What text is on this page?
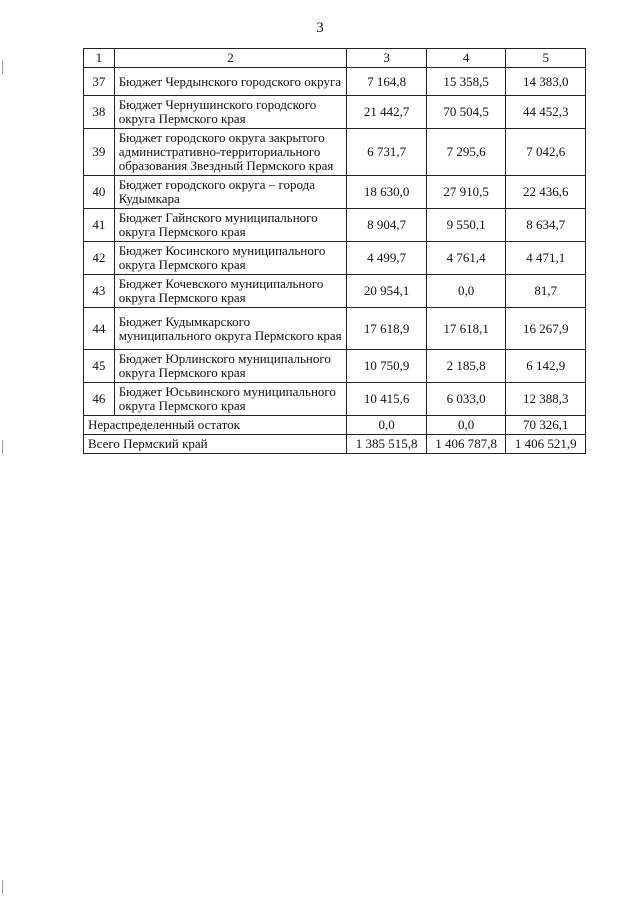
3
1	2	3	4	5
37	Бюджет Чердынского городского округа	7 164,8	15 358,5	14 383,0
38	Бюджет Чернушинского городского округа Пермского края	21 442,7	70 504,5	44 452,3
39	Бюджет городского округа закрытого административно-территориального образования Звездный Пермского края	6 731,7	7 295,6	7 042,6
40	Бюджет городского округа – города Кудымкара	18 630,0	27 910,5	22 436,6
41	Бюджет Гайнского муниципального округа Пермского края	8 904,7	9 550,1	8 634,7
42	Бюджет Косинского муниципального округа Пермского края	4 499,7	4 761,4	4 471,1
43	Бюджет Кочевского муниципального округа Пермского края	20 954,1	0,0	81,7
44	Бюджет Кудымкарского муниципального округа Пермского края	17 618,9	17 618,1	16 267,9
45	Бюджет Юрлинского муниципального округа Пермского края	10 750,9	2 185,8	6 142,9
46	Бюджет Юсьвинского муниципального округа Пермского края	10 415,6	6 033,0	12 388,3
Нераспределенный остаток		0,0	0,0	70 326,1
Всего Пермский край		1 385 515,8	1 406 787,8	1 406 521,9
